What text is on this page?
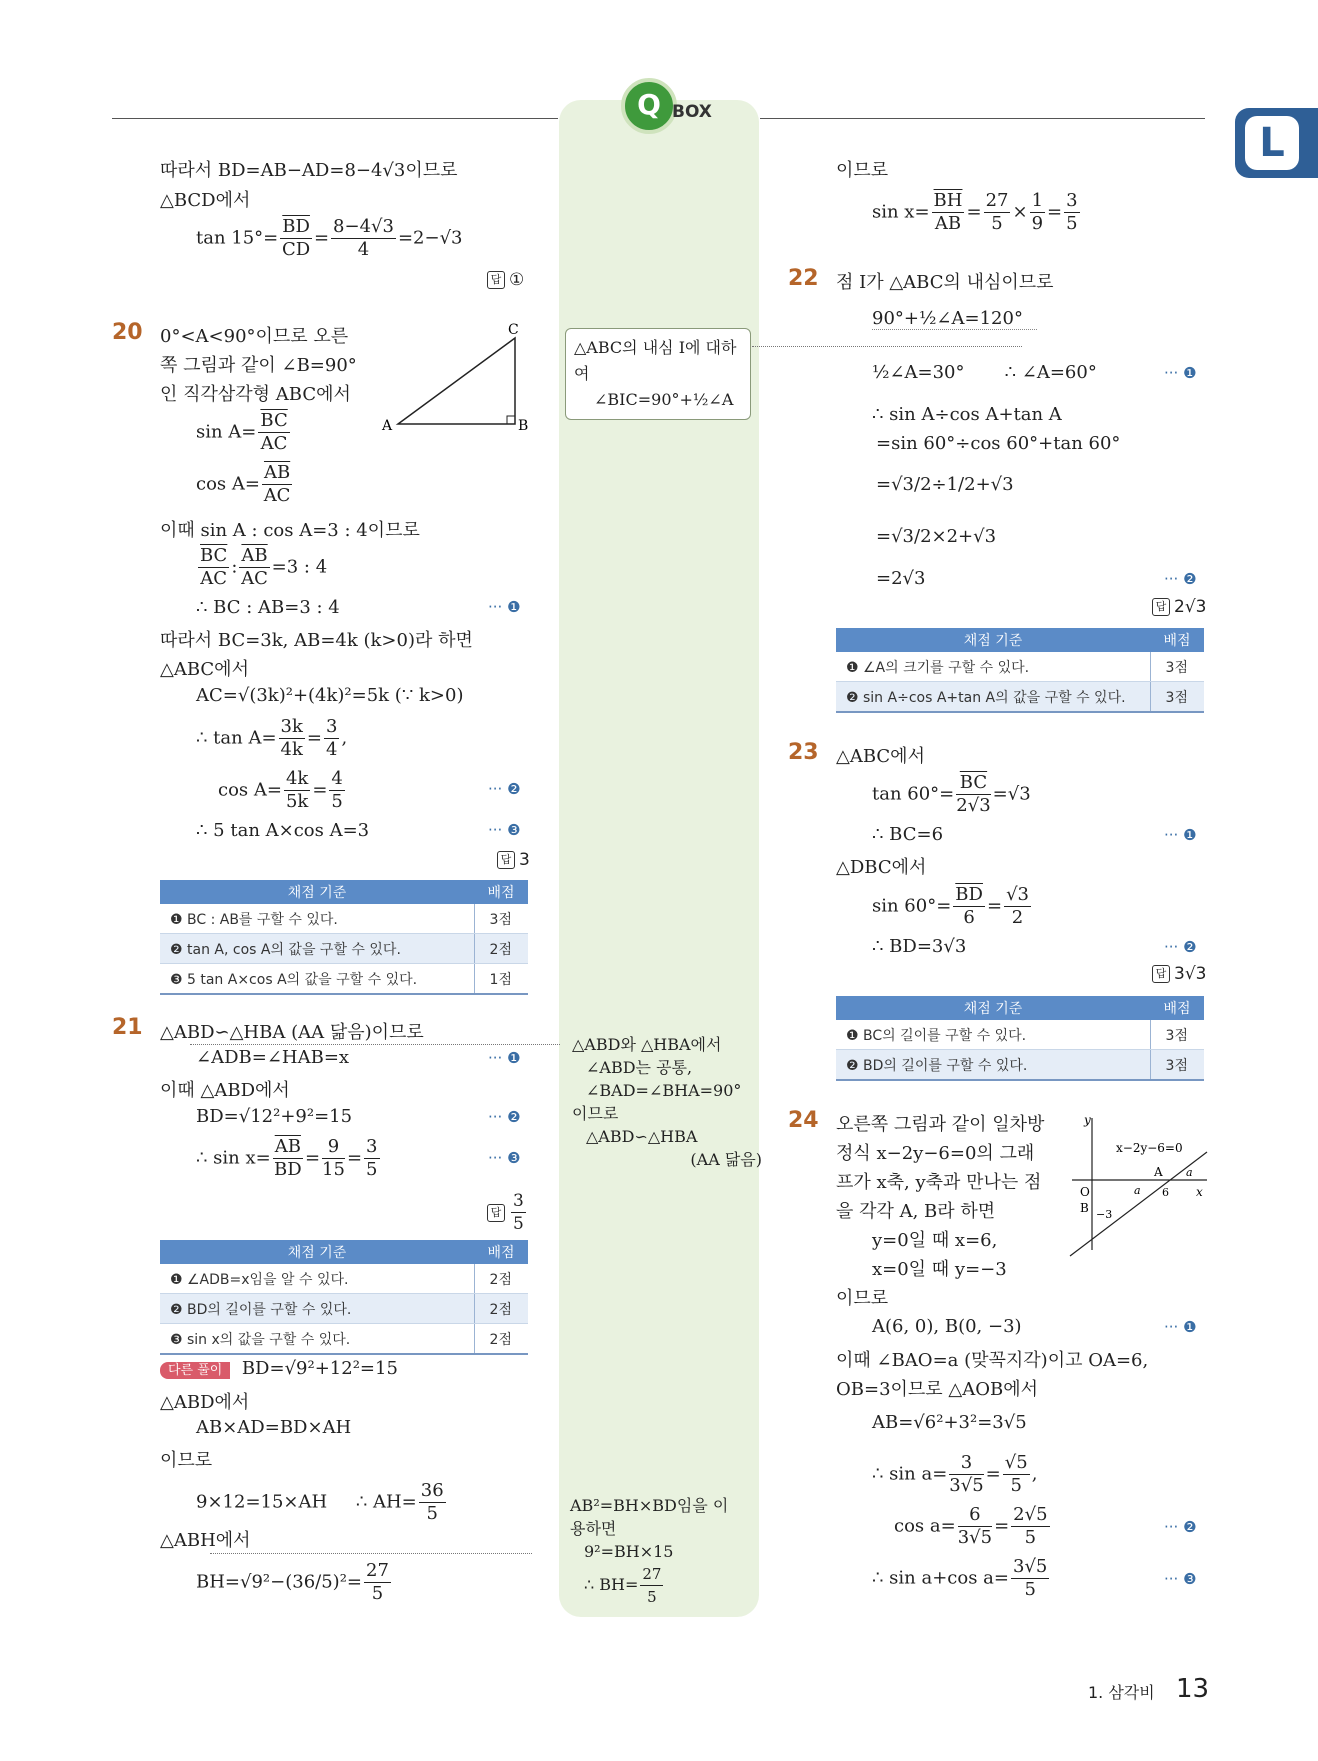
Q BOX
L
따라서 BD=AB−AD=8−4√3이므로
△BCD에서
$\tan 15^\circ= \frac{\overline{BD}}{CD} = \frac{8-4√3}{4} =2-√3$
답 ①
20 0°<A<90°이므로 오른
쪽 그림과 같이 ∠B=90°
인 직각삼각형 ABC에서
A	B
C
$\sin A= \frac{\overline{BC}}{AC}$
$\cos A= \frac{\overline{AB}}{AC}$
이때 sin A : cos A=3 : 4이므로
$\frac{\overline{BC}}{AC}$ : $\frac{\overline{AB}}{AC} =3$ : 4
∴ BC : AB=3 : 4	··· ❶
따라서 BC=3k, AB=4k (k>0)라 하면
△ABC에서
AC=√(3k)²+(4k)²=5k (∵ k>0)
∴ $\tan A= \frac{3k}{4k} = \frac{3}{4}$ ,
$\cos A= \frac{4k}{5k} = \frac{4}{5}$	··· ❷
∴ 5 tan A×cos A=3	··· ❸
답 3
채점 기준	배점
❶ BC : AB를 구할 수 있다.	3점
❷ tan A, cos A의 값을 구할 수 있다.	2점
❸ 5 tan A×cos A의 값을 구할 수 있다.	1점
21 △ABD∽△HBA (AA 닮음)이므로
∠ADB=∠HAB=x	··· ❶
이때 △ABD에서
BD=√12²+9²=15	··· ❷
∴ $\sin x= \frac{\overline{AB}}{BD} = \frac{9}{15} = \frac{3}{5}$	··· ❸
답 $\frac{3}{5}$
채점 기준	배점
❶ ∠ADB=x임을 알 수 있다.	2점
❷ BD의 길이를 구할 수 있다.	2점
❸ sin x의 값을 구할 수 있다.	2점
다른 풀이 BD=√9²+12²=15
△ABD에서
AB×AD=BD×AH
이므로
9×12=15×AH ∴ $AH= \frac{36}{5}$
△ABH에서
$BH=√9^2-(36/5)^2= \frac{27}{5}$
△ABC의 내심 I에 대하
여
∠BIC=90°+½∠A
△ABD와 △HBA에서
∠ABD는 공통,
∠BAD=∠BHA=90°
이므로
△ABD∽△HBA
(AA 닮음)
AB²=BH×BD임을 이
용하면
9²=BH×15
∴ $BH= \frac{27}{5}$
이므로
$\sin x= \frac{\overline{BH}}{AB} = \frac{27}{5} \times \frac{1}{9} = \frac{3}{5}$
22 점 I가 △ABC의 내심이므로
90°+½∠A=120°
½∠A=30° ∴ ∠A=60°	··· ❶
∴ sin A÷cos A+tan A
=sin 60°÷cos 60°+tan 60°
=√3/2÷1/2+√3
=√3/2×2+√3
=2√3	··· ❷
답 2√3
채점 기준	배점
❶ ∠A의 크기를 구할 수 있다.	3점
❷ sin A÷cos A+tan A의 값을 구할 수 있다.	3점
23 △ABC에서
$\tan 60^\circ= \frac{\overline{BC}}{2√3} =√3$
∴ BC=6	··· ❶
△DBC에서
$\sin 60^\circ= \frac{\overline{BD}}{6} = \frac{√3}{2}$
∴ BD=3√3	··· ❷
답 3√3
채점 기준	배점
❶ BC의 길이를 구할 수 있다.	3점
❷ BD의 길이를 구할 수 있다.	3점
24 오른쪽 그림과 같이 일차방
정식 x−2y−6=0의 그래
프가 x축, y축과 만나는 점
을 각각 A, B라 하면
y=0일 때 x=6,
x=0일 때 y=−3
이므로
A(6, 0), B(0, −3)	··· ❶
이때 ∠BAO=a (맞꼭지각)이고 OA=6,
OB=3이므로 △AOB에서
AB=√6²+3²=3√5
∴ $\sin a= \frac{3}{3√5} = \frac{√5}{5}$ ,
$\cos a= \frac{6}{3√5} = \frac{2√5}{5}$	··· ❷
∴ sin a+cos $a= \frac{3√5}{5}$	··· ❸
y
x
O
A
B
6
−3
a
a
x−2y−6=0
1. 삼각비 13
